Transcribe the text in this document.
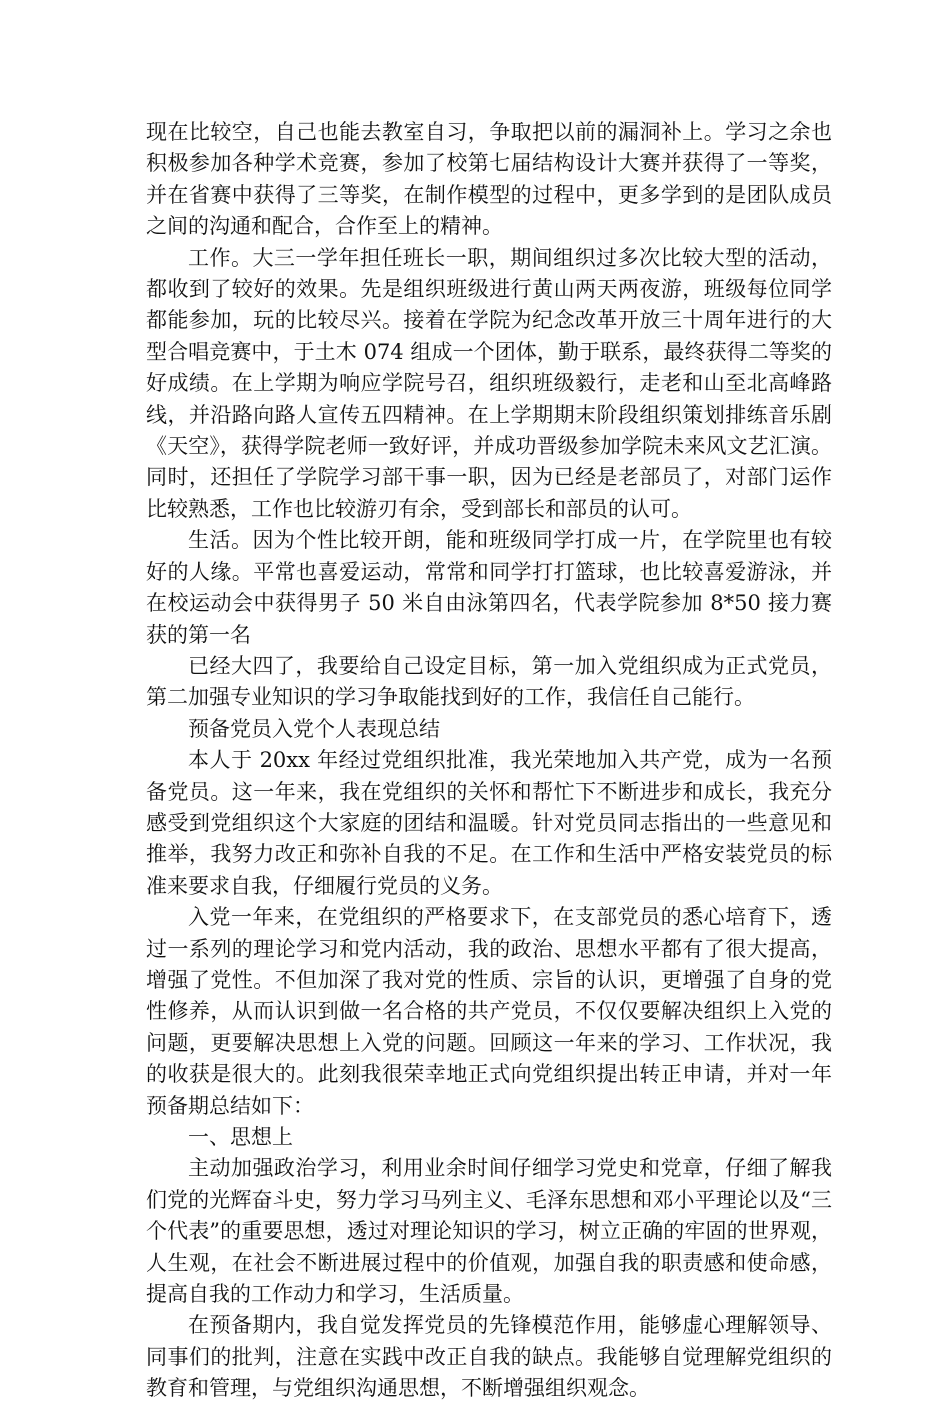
现在比较空，自己也能去教室自习，争取把以前的漏洞补上。学习之余也积极参加各种学术竞赛，参加了校第七届结构设计大赛并获得了一等奖，并在省赛中获得了三等奖，在制作模型的过程中，更多学到的是团队成员之间的沟通和配合，合作至上的精神。

工作。大三一学年担任班长一职，期间组织过多次比较大型的活动，都收到了较好的效果。先是组织班级进行黄山两天两夜游，班级每位同学都能参加，玩的比较尽兴。接着在学院为纪念改革开放三十周年进行的大型合唱竞赛中，于土木 074 组成一个团体，勤于联系，最终获得二等奖的好成绩。在上学期为响应学院号召，组织班级毅行，走老和山至北高峰路线，并沿路向路人宣传五四精神。在上学期期末阶段组织策划排练音乐剧《天空》，获得学院老师一致好评，并成功晋级参加学院未来风文艺汇演。同时，还担任了学院学习部干事一职，因为已经是老部员了，对部门运作比较熟悉，工作也比较游刃有余，受到部长和部员的认可。

生活。因为个性比较开朗，能和班级同学打成一片，在学院里也有较好的人缘。平常也喜爱运动，常常和同学打打篮球，也比较喜爱游泳，并在校运动会中获得男子 50 米自由泳第四名，代表学院参加 8*50 接力赛获的第一名

已经大四了，我要给自己设定目标，第一加入党组织成为正式党员，第二加强专业知识的学习争取能找到好的工作，我信任自己能行。

预备党员入党个人表现总结

本人于 20xx 年经过党组织批准，我光荣地加入共产党，成为一名预备党员。这一年来，我在党组织的关怀和帮忙下不断进步和成长，我充分感受到党组织这个大家庭的团结和温暖。针对党员同志指出的一些意见和推举，我努力改正和弥补自我的不足。在工作和生活中严格安装党员的标准来要求自我，仔细履行党员的义务。

入党一年来，在党组织的严格要求下，在支部党员的悉心培育下，透过一系列的理论学习和党内活动，我的政治、思想水平都有了很大提高，增强了党性。不但加深了我对党的性质、宗旨的认识，更增强了自身的党性修养，从而认识到做一名合格的共产党员，不仅仅要解决组织上入党的问题，更要解决思想上入党的问题。回顾这一年来的学习、工作状况，我的收获是很大的。此刻我很荣幸地正式向党组织提出转正申请，并对一年预备期总结如下：

一、思想上

主动加强政治学习，利用业余时间仔细学习党史和党章，仔细了解我们党的光辉奋斗史，努力学习马列主义、毛泽东思想和邓小平理论以及“三个代表”的重要思想，透过对理论知识的学习，树立正确的牢固的世界观，人生观，在社会不断进展过程中的价值观，加强自我的职责感和使命感，提高自我的工作动力和学习，生活质量。

在预备期内，我自觉发挥党员的先锋模范作用，能够虚心理解领导、同事们的批判，注意在实践中改正自我的缺点。我能够自觉理解党组织的教育和管理，与党组织沟通思想，不断增强组织观念。
